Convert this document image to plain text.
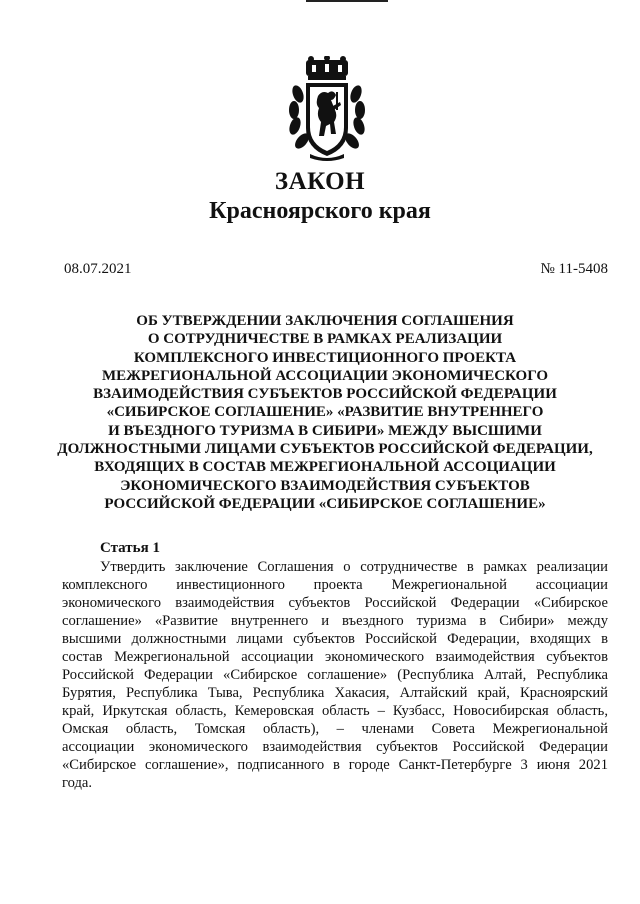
ЗАКОН
Красноярского края
08.07.2021	№ 11-5408
ОБ УТВЕРЖДЕНИИ ЗАКЛЮЧЕНИЯ СОГЛАШЕНИЯ
О СОТРУДНИЧЕСТВЕ В РАМКАХ РЕАЛИЗАЦИИ
КОМПЛЕКСНОГО ИНВЕСТИЦИОННОГО ПРОЕКТА
МЕЖРЕГИОНАЛЬНОЙ АССОЦИАЦИИ ЭКОНОМИЧЕСКОГО
ВЗАИМОДЕЙСТВИЯ СУБЪЕКТОВ РОССИЙСКОЙ ФЕДЕРАЦИИ
«СИБИРСКОЕ СОГЛАШЕНИЕ» «РАЗВИТИЕ ВНУТРЕННЕГО
И ВЪЕЗДНОГО ТУРИЗМА В СИБИРИ» МЕЖДУ ВЫСШИМИ
ДОЛЖНОСТНЫМИ ЛИЦАМИ СУБЪЕКТОВ РОССИЙСКОЙ ФЕДЕРАЦИИ,
ВХОДЯЩИХ В СОСТАВ МЕЖРЕГИОНАЛЬНОЙ АССОЦИАЦИИ
ЭКОНОМИЧЕСКОГО ВЗАИМОДЕЙСТВИЯ СУБЪЕКТОВ
РОССИЙСКОЙ ФЕДЕРАЦИИ «СИБИРСКОЕ СОГЛАШЕНИЕ»
Статья 1
Утвердить заключение Соглашения о сотрудничестве в рамках реализации
комплексного инвестиционного проекта Межрегиональной ассоциации
экономического взаимодействия субъектов Российской Федерации «Сибирское
соглашение» «Развитие внутреннего и въездного туризма в Сибири» между
высшими должностными лицами субъектов Российской Федерации, входящих в
состав Межрегиональной ассоциации экономического взаимодействия субъектов
Российской Федерации «Сибирское соглашение» (Республика Алтай, Республика
Бурятия, Республика Тыва, Республика Хакасия, Алтайский край, Красноярский
край, Иркутская область, Кемеровская область – Кузбасс, Новосибирская область,
Омская область, Томская область), – членами Совета Межрегиональной
ассоциации экономического взаимодействия субъектов Российской Федерации
«Сибирское соглашение», подписанного в городе Санкт-Петербурге 3 июня 2021
года.
